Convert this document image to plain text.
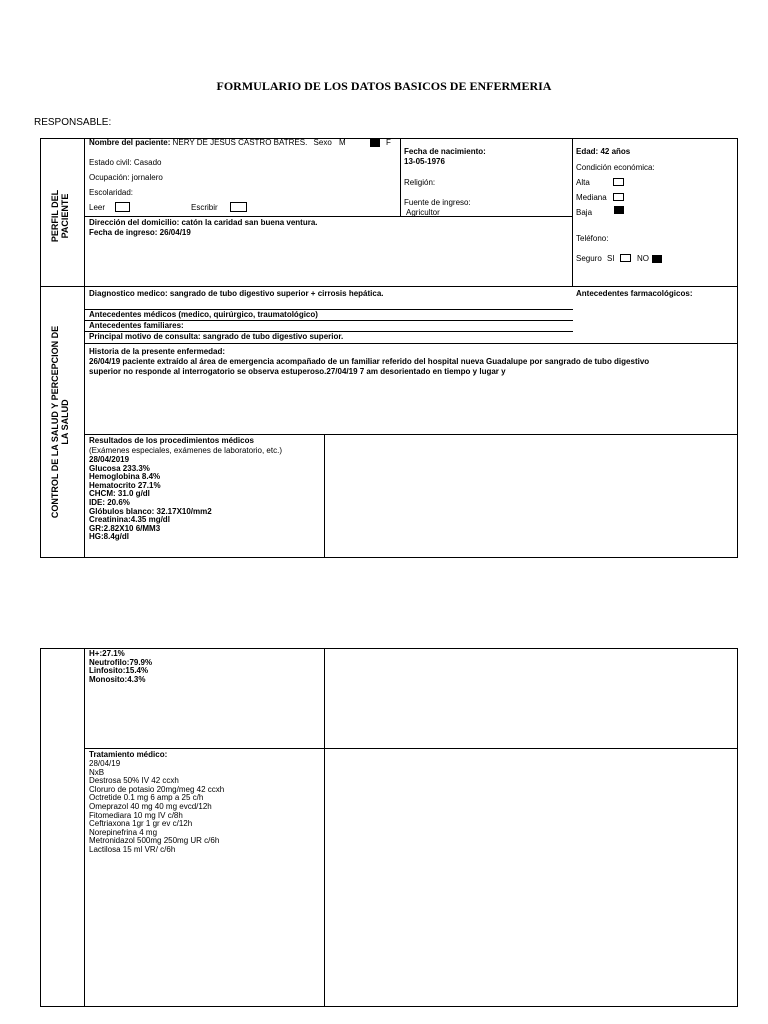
FORMULARIO DE LOS DATOS BASICOS DE ENFERMERIA
RESPONSABLE:
PERFIL DEL PACIENTE
CONTROL DE LA SALUD Y PERCEPCION DE LA SALUD
Nombre del paciente: NERY DE JESUS CASTRO BATRES. Sexo M	F
Estado civil: Casado
Ocupación: jornalero
Escolaridad:
Leer	Escribir
Fecha de nacimiento:
13-05-1976
Religión:
Fuente de ingreso:
Agricultor
Edad: 42 años
Condición económica:
Alta
Mediana
Baja
Teléfono:
Seguro SI	NO
Dirección del domicilio: catón la caridad san buena ventura.
Fecha de ingreso: 26/04/19
Diagnostico medico: sangrado de tubo digestivo superior + cirrosis hepática.	Antecedentes farmacológicos:
Antecedentes médicos (medico, quirúrgico, traumatológico)
Antecedentes familiares:
Principal motivo de consulta: sangrado de tubo digestivo superior.
Historia de la presente enfermedad:
26/04/19 paciente extraído al área de emergencia acompañado de un familiar referido del hospital nueva Guadalupe por sangrado de tubo digestivo
superior no responde al interrogatorio se observa estuperoso.27/04/19 7 am desorientado en tiempo y lugar y
Resultados de los procedimientos médicos
(Exámenes especiales, exámenes de laboratorio, etc.)
28/04/2019
Glucosa 233.3%
Hemoglobina 8.4%
Hematocrito 27.1%
CHCM: 31.0 g/dl
IDE: 20.6%
Glóbulos blanco: 32.17X10/mm2
Creatinina:4.35 mg/dl
GR:2.82X10 6/MM3
HG:8.4g/dl
H+:27.1%
Neutrofilo:79.9%
Linfosito:15.4%
Monosito:4.3%
Tratamiento médico:
28/04/19
NxB
Destrosa 50% IV 42 ccxh
Cloruro de potasio 20mg/meg 42 ccxh
Octretide 0.1 mg 6 amp a 25 c/h
Omeprazol 40 mg 40 mg evcd/12h
Fitomediara 10 mg IV c/8h
Ceftriaxona 1gr 1 gr ev c/12h
Norepinefrina 4 mg
Metronidazol 500mg 250mg UR c/6h
Lactilosa 15 ml VR/ c/6h
